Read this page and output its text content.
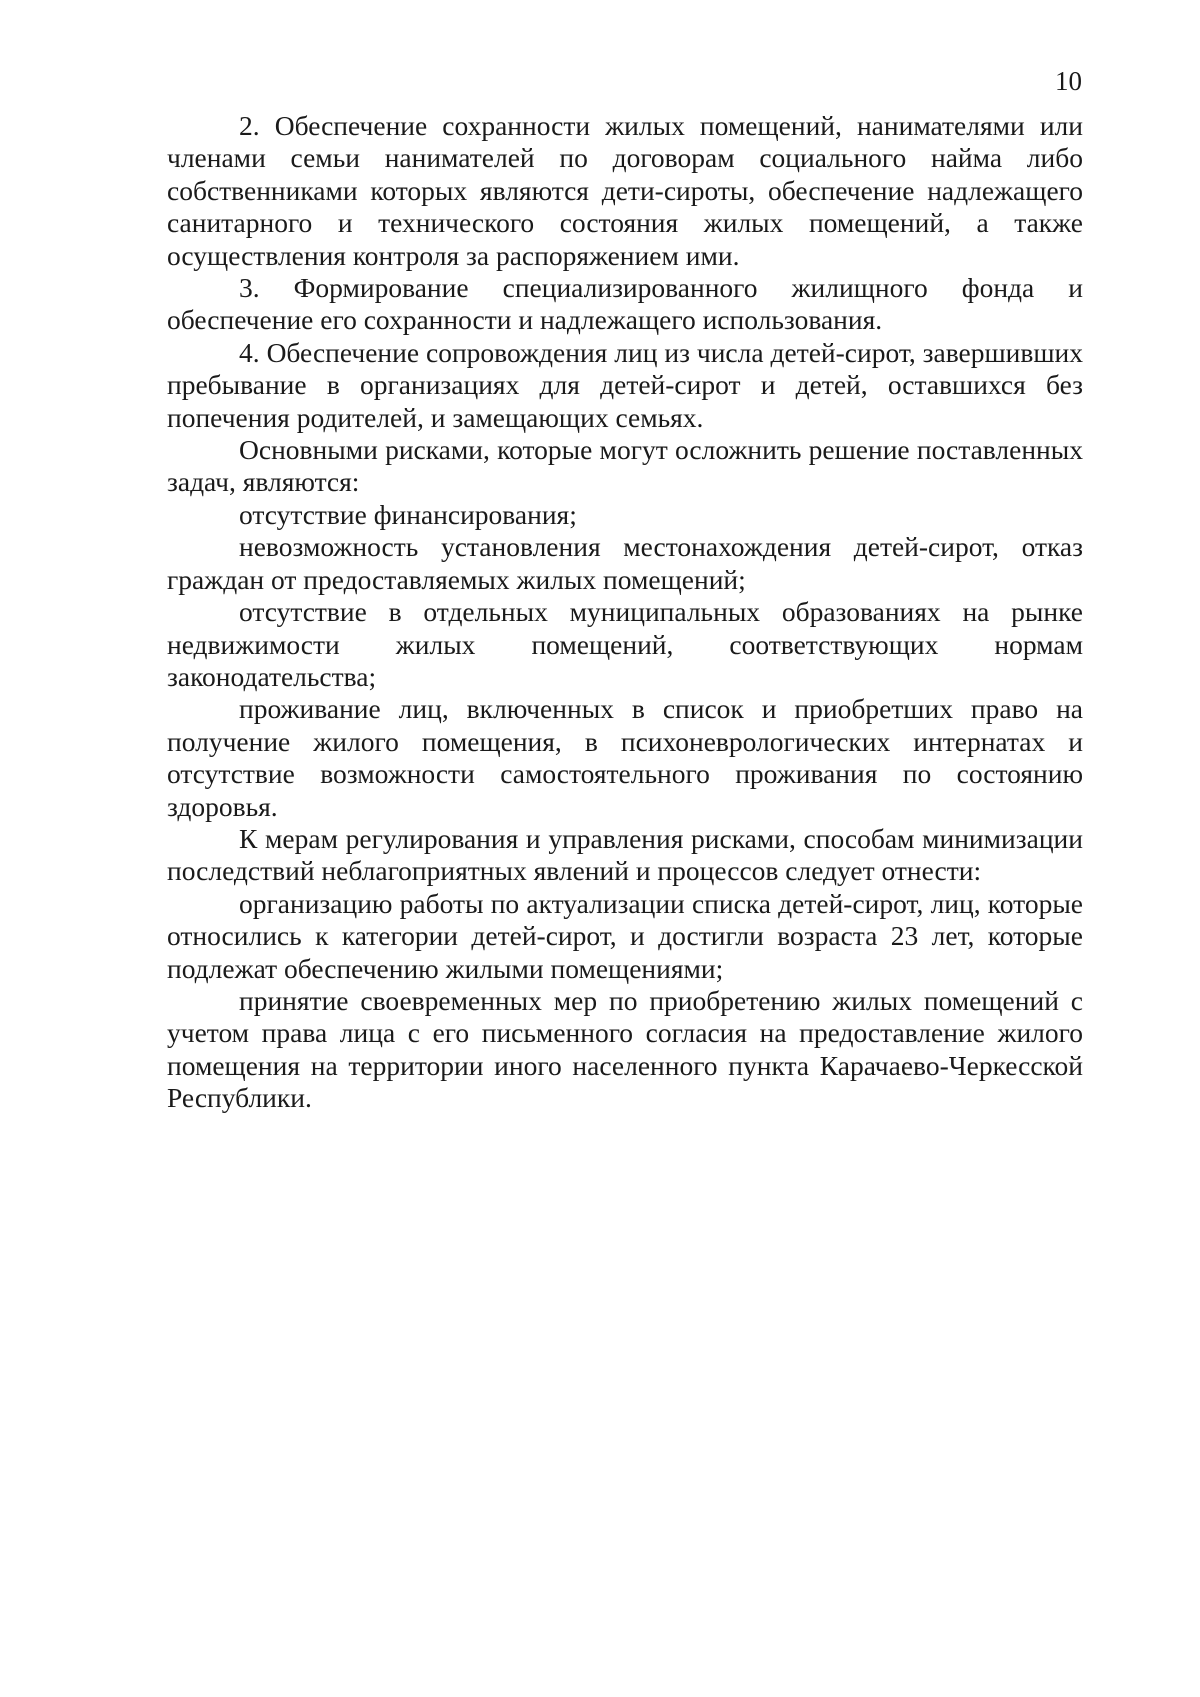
10

2. Обеспечение сохранности жилых помещений, нанимателями или членами семьи нанимателей по договорам социального найма либо собственниками которых являются дети-сироты, обеспечение надлежащего санитарного и технического состояния жилых помещений, а также осуществления контроля за распоряжением ими.

3. Формирование специализированного жилищного фонда и обеспечение его сохранности и надлежащего использования.

4. Обеспечение сопровождения лиц из числа детей-сирот, завершивших пребывание в организациях для детей-сирот и детей, оставшихся без попечения родителей, и замещающих семьях.

Основными рисками, которые могут осложнить решение поставленных задач, являются:

отсутствие финансирования;

невозможность установления местонахождения детей-сирот, отказ граждан от предоставляемых жилых помещений;

отсутствие в отдельных муниципальных образованиях на рынке недвижимости жилых помещений, соответствующих нормам законодательства;

проживание лиц, включенных в список и приобретших право на получение жилого помещения, в психоневрологических интернатах и отсутствие возможности самостоятельного проживания по состоянию здоровья.

К мерам регулирования и управления рисками, способам минимизации последствий неблагоприятных явлений и процессов следует отнести:

организацию работы по актуализации списка детей-сирот, лиц, которые относились к категории детей-сирот, и достигли возраста 23 лет, которые подлежат обеспечению жилыми помещениями;

принятие своевременных мер по приобретению жилых помещений с учетом права лица с его письменного согласия на предоставление жилого помещения на территории иного населенного пункта Карачаево-Черкесской Республики.
